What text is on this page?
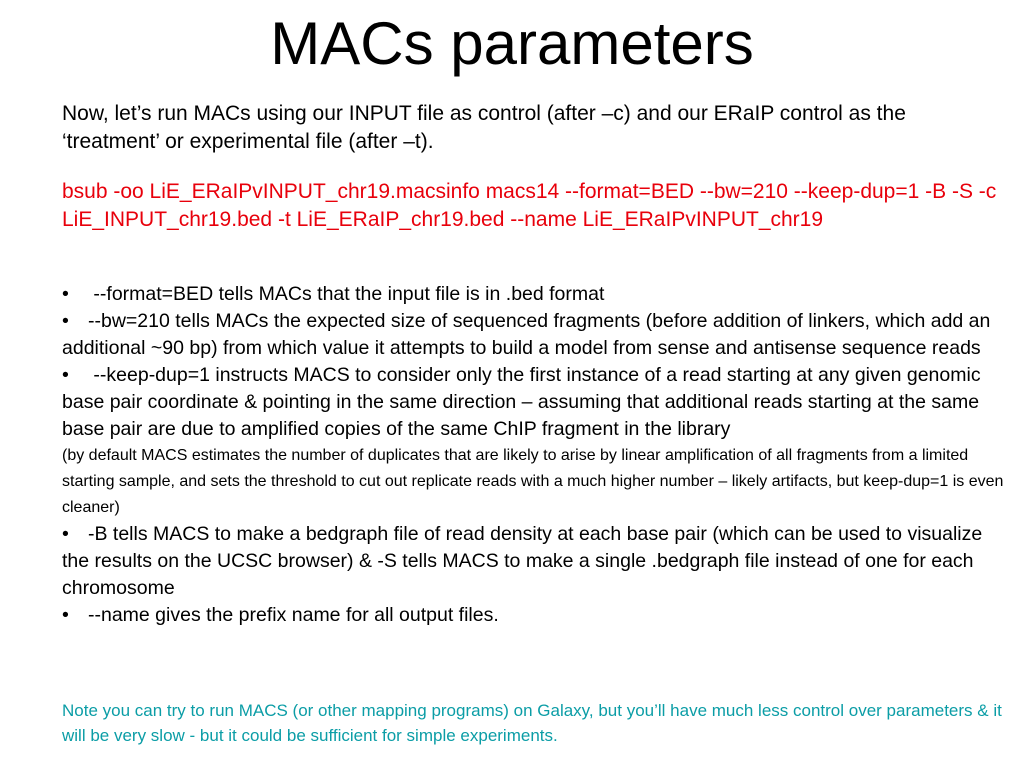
MACs parameters

Now, let’s run MACs using our INPUT file as control (after –c) and our ERaIP control as the ‘treatment’ or experimental file (after –t).

bsub -oo LiE_ERaIPvINPUT_chr19.macsinfo macs14 --format=BED --bw=210 --keep-dup=1 -B -S -c LiE_INPUT_chr19.bed -t LiE_ERaIP_chr19.bed --name LiE_ERaIPvINPUT_chr19

• --format=BED tells MACs that the input file is in .bed format

• --bw=210 tells MACs the expected size of sequenced fragments (before addition of linkers, which add an additional ~90 bp) from which value it attempts to build a model from sense and antisense sequence reads

• --keep-dup=1 instructs MACS to consider only the first instance of a read starting at any given genomic base pair coordinate & pointing in the same direction – assuming that additional reads starting at the same base pair are due to amplified copies of the same ChIP fragment in the library

(by default MACS estimates the number of duplicates that are likely to arise by linear amplification of all fragments from a limited starting sample, and sets the threshold to cut out replicate reads with a much higher number – likely artifacts, but keep-dup=1 is even cleaner)

• -B tells MACS to make a bedgraph file of read density at each base pair (which can be used to visualize the results on the UCSC browser) & -S tells MACS to make a single .bedgraph file instead of one for each chromosome

• --name gives the prefix name for all output files.

Note you can try to run MACS (or other mapping programs) on Galaxy, but you’ll have much less control over parameters & it will be very slow - but it could be sufficient for simple experiments.
